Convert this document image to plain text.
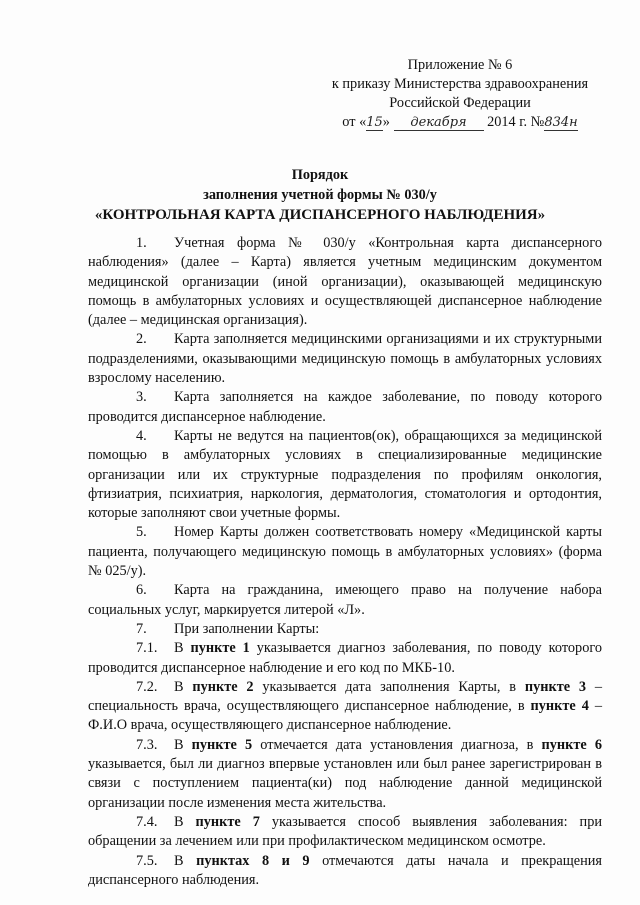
Приложение № 6
к приказу Министерства здравоохранения
Российской Федерации
от «15» декабря 2014 г. №834н
Порядок
заполнения учетной формы № 030/у
«КОНТРОЛЬНАЯ КАРТА ДИСПАНСЕРНОГО НАБЛЮДЕНИЯ»

1. Учетная форма № 030/у «Контрольная карта диспансерного наблюдения» (далее – Карта) является учетным медицинским документом медицинской организации (иной организации), оказывающей медицинскую помощь в амбулаторных условиях и осуществляющей диспансерное наблюдение (далее – медицинская организация).

2. Карта заполняется медицинскими организациями и их структурными подразделениями, оказывающими медицинскую помощь в амбулаторных условиях взрослому населению.

3. Карта заполняется на каждое заболевание, по поводу которого проводится диспансерное наблюдение.

4. Карты не ведутся на пациентов(ок), обращающихся за медицинской помощью в амбулаторных условиях в специализированные медицинские организации или их структурные подразделения по профилям онкология, фтизиатрия, психиатрия, наркология, дерматология, стоматология и ортодонтия, которые заполняют свои учетные формы.

5. Номер Карты должен соответствовать номеру «Медицинской карты пациента, получающего медицинскую помощь в амбулаторных условиях» (форма № 025/у).

6. Карта на гражданина, имеющего право на получение набора социальных услуг, маркируется литерой «Л».

7. При заполнении Карты:

7.1. В пункте 1 указывается диагноз заболевания, по поводу которого проводится диспансерное наблюдение и его код по МКБ-10.

7.2. В пункте 2 указывается дата заполнения Карты, в пункте 3 – специальность врача, осуществляющего диспансерное наблюдение, в пункте 4 – Ф.И.О врача, осуществляющего диспансерное наблюдение.

7.3. В пункте 5 отмечается дата установления диагноза, в пункте 6 указывается, был ли диагноз впервые установлен или был ранее зарегистрирован в связи с поступлением пациента(ки) под наблюдение данной медицинской организации после изменения места жительства.

7.4. В пункте 7 указывается способ выявления заболевания: при обращении за лечением или при профилактическом медицинском осмотре.

7.5. В пунктах 8 и 9 отмечаются даты начала и прекращения диспансерного наблюдения.
